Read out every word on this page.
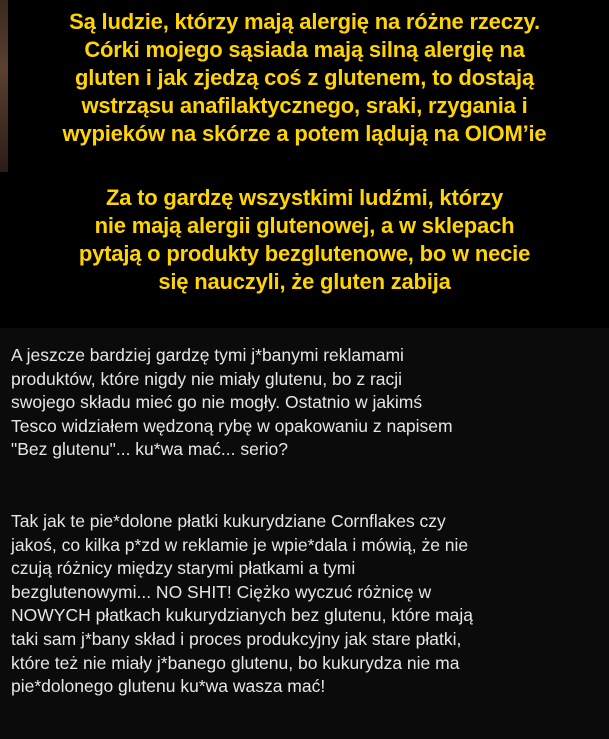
Są ludzie, którzy mają alergię na różne rzeczy.
Córki mojego sąsiada mają silną alergię na
gluten i jak zjedzą coś z glutenem, to dostają
wstrząsu anafilaktycznego, sraki, rzygania i
wypieków na skórze a potem lądują na OIOM’ie
Za to gardzę wszystkimi ludźmi, którzy
nie mają alergii glutenowej, a w sklepach
pytają o produkty bezglutenowe, bo w necie
się nauczyli, że gluten zabija
A jeszcze bardziej gardzę tymi j*banymi reklamami
produktów, które nigdy nie miały glutenu, bo z racji
swojego składu mieć go nie mogły. Ostatnio w jakimś
Tesco widziałem wędzoną rybę w opakowaniu z napisem
"Bez glutenu"... ku*wa mać... serio?
Tak jak te pie*dolone płatki kukurydziane Cornflakes czy
jakoś, co kilka p*zd w reklamie je wpie*dala i mówią, że nie
czują różnicy między starymi płatkami a tymi
bezglutenowymi... NO SHIT! Ciężko wyczuć różnicę w
NOWYCH płatkach kukurydzianych bez glutenu, które mają
taki sam j*bany skład i proces produkcyjny jak stare płatki,
które też nie miały j*banego glutenu, bo kukurydza nie ma
pie*dolonego glutenu ku*wa wasza mać!
